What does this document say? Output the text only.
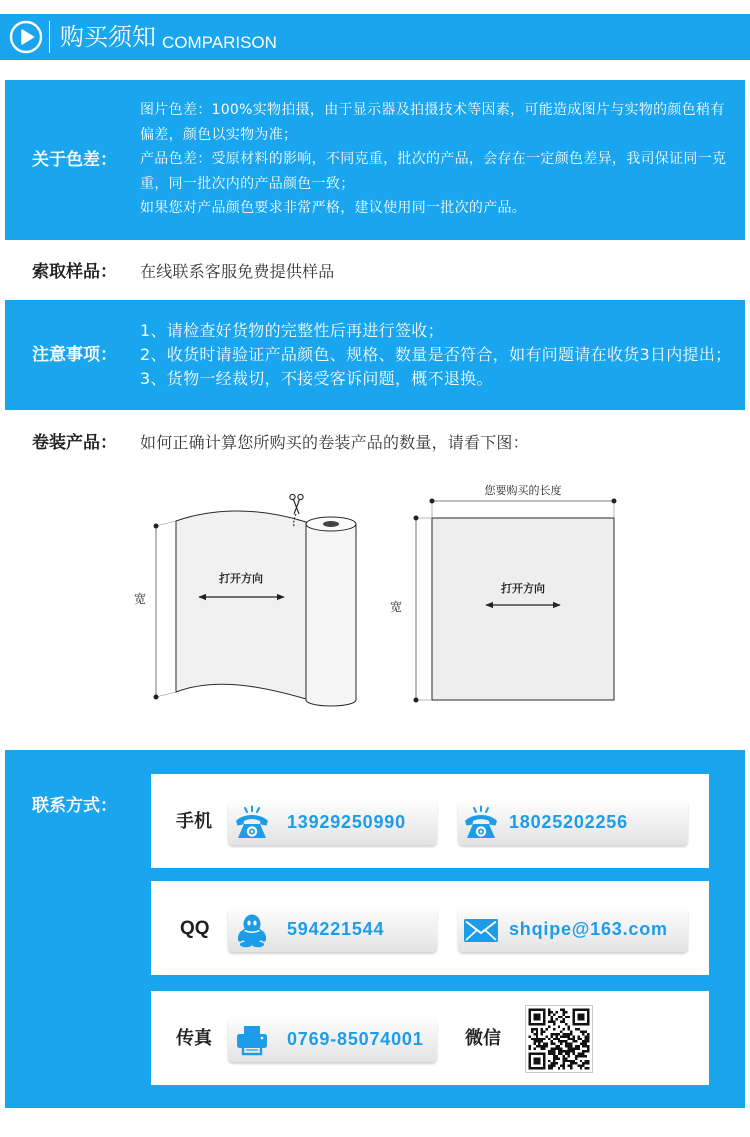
购买须知 COMPARISON
关于色差：
图片色差：100%实物拍摄，由于显示器及拍摄技术等因素，可能造成图片与实物的颜色稍有
偏差，颜色以实物为准；
产品色差：受原材料的影响，不同克重，批次的产品，会存在一定颜色差异，我司保证同一克
重，同一批次内的产品颜色一致；
如果您对产品颜色要求非常严格，建议使用同一批次的产品。
索取样品： 在线联系客服免费提供样品
注意事项：
1、请检查好货物的完整性后再进行签收；
2、收货时请验证产品颜色、规格、数量是否符合，如有问题请在收货3日内提出；
3、货物一经裁切，不接受客诉问题，概不退换。
卷装产品： 如何正确计算您所购买的卷装产品的数量，请看下图：
宽
打开方向
您要购买的长度
宽
打开方向
联系方式：
手机	13929250990	18025202256
QQ	594221544	shqipe@163.com
传真	0769-85074001 微信
